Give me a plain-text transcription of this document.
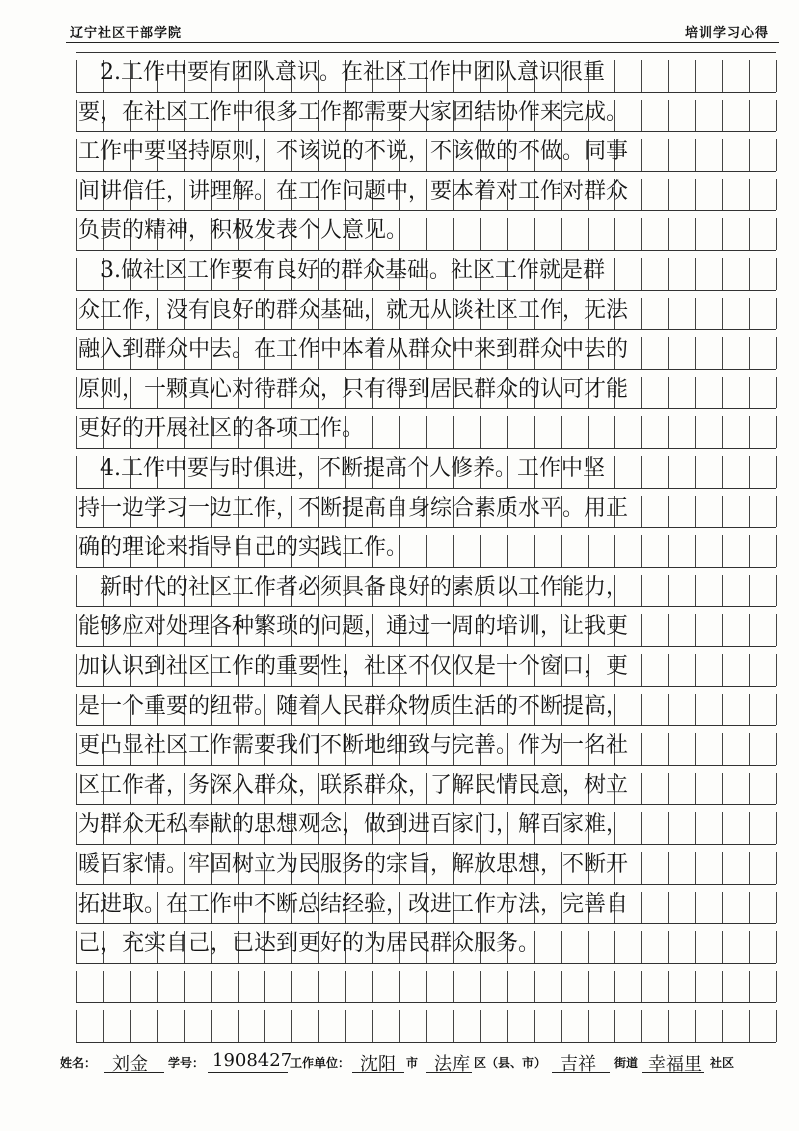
辽宁社区干部学院	培训学习心得
　2.工作中要有团队意识。在社区工作中团队意识很重
要，在社区工作中很多工作都需要大家团结协作来完成。
工作中要坚持原则，不该说的不说，不该做的不做。同事
间讲信任，讲理解。在工作问题中，要本着对工作对群众
负责的精神，积极发表个人意见。
　3.做社区工作要有良好的群众基础。社区工作就是群
众工作，没有良好的群众基础，就无从谈社区工作，无法
融入到群众中去。在工作中本着从群众中来到群众中去的
原则，一颗真心对待群众，只有得到居民群众的认可才能
更好的开展社区的各项工作。
　4.工作中要与时俱进，不断提高个人修养。工作中坚
持一边学习一边工作，不断提高自身综合素质水平。用正
确的理论来指导自己的实践工作。
　新时代的社区工作者必须具备良好的素质以工作能力，
能够应对处理各种繁琐的问题，通过一周的培训，让我更
加认识到社区工作的重要性，社区不仅仅是一个窗口，更
是一个重要的纽带。随着人民群众物质生活的不断提高，
更凸显社区工作需要我们不断地细致与完善。作为一名社
区工作者，务深入群众，联系群众，了解民情民意，树立
为群众无私奉献的思想观念，做到进百家门，解百家难，
暖百家情。牢固树立为民服务的宗旨，解放思想，不断开
拓进取。在工作中不断总结经验，改进工作方法，完善自
己，充实自己，已达到更好的为居民群众服务。
姓名： 刘金 学号： 1908427
工作单位： 沈阳 市 法库 区（县、市） 吉祥 街道 幸福里 社区
